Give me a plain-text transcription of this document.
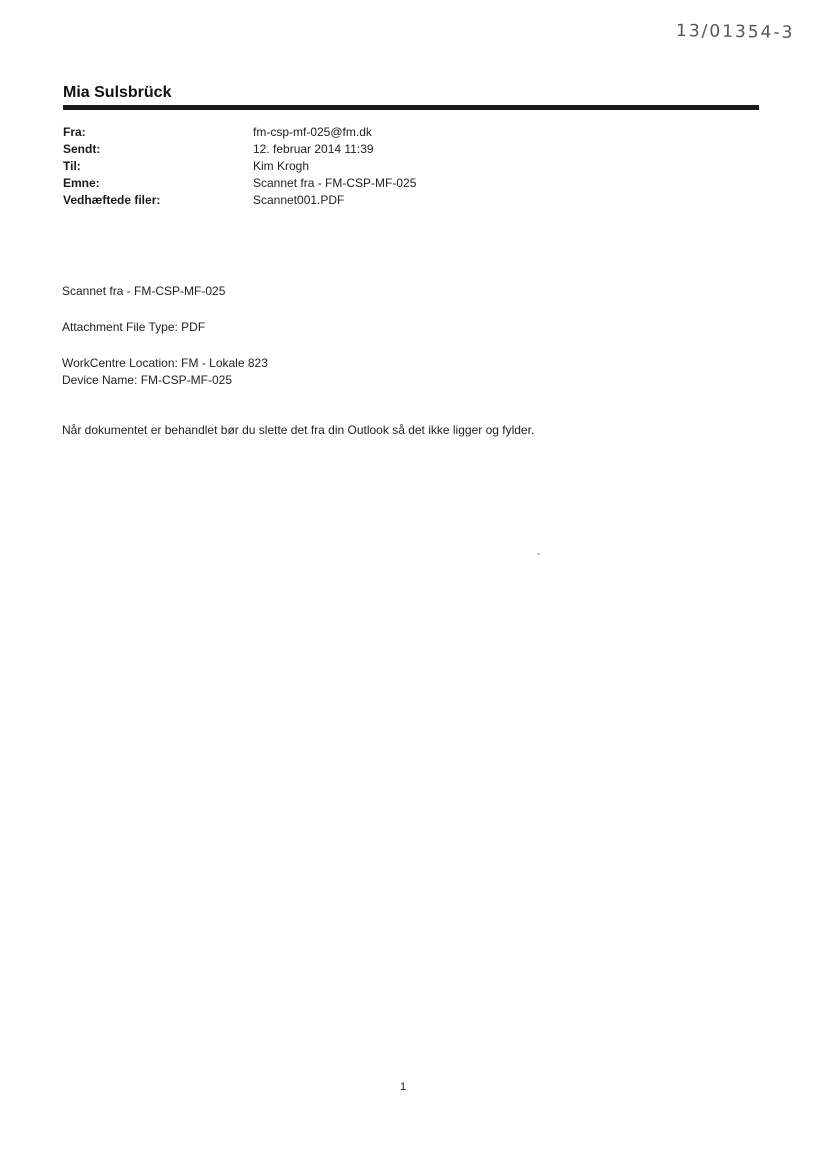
13/01354-3
Mia Sulsbrück
Fra:	fm-csp-mf-025@fm.dk
Sendt:	12. februar 2014 11:39
Til:	Kim Krogh
Emne:	Scannet fra - FM-CSP-MF-025
Vedhæftede filer:	Scannet001.PDF

Scannet fra - FM-CSP-MF-025

Attachment File Type: PDF

WorkCentre Location: FM - Lokale 823

Device Name: FM-CSP-MF-025

Når dokumentet er behandlet bør du slette det fra din Outlook så det ikke ligger og fylder.

1
